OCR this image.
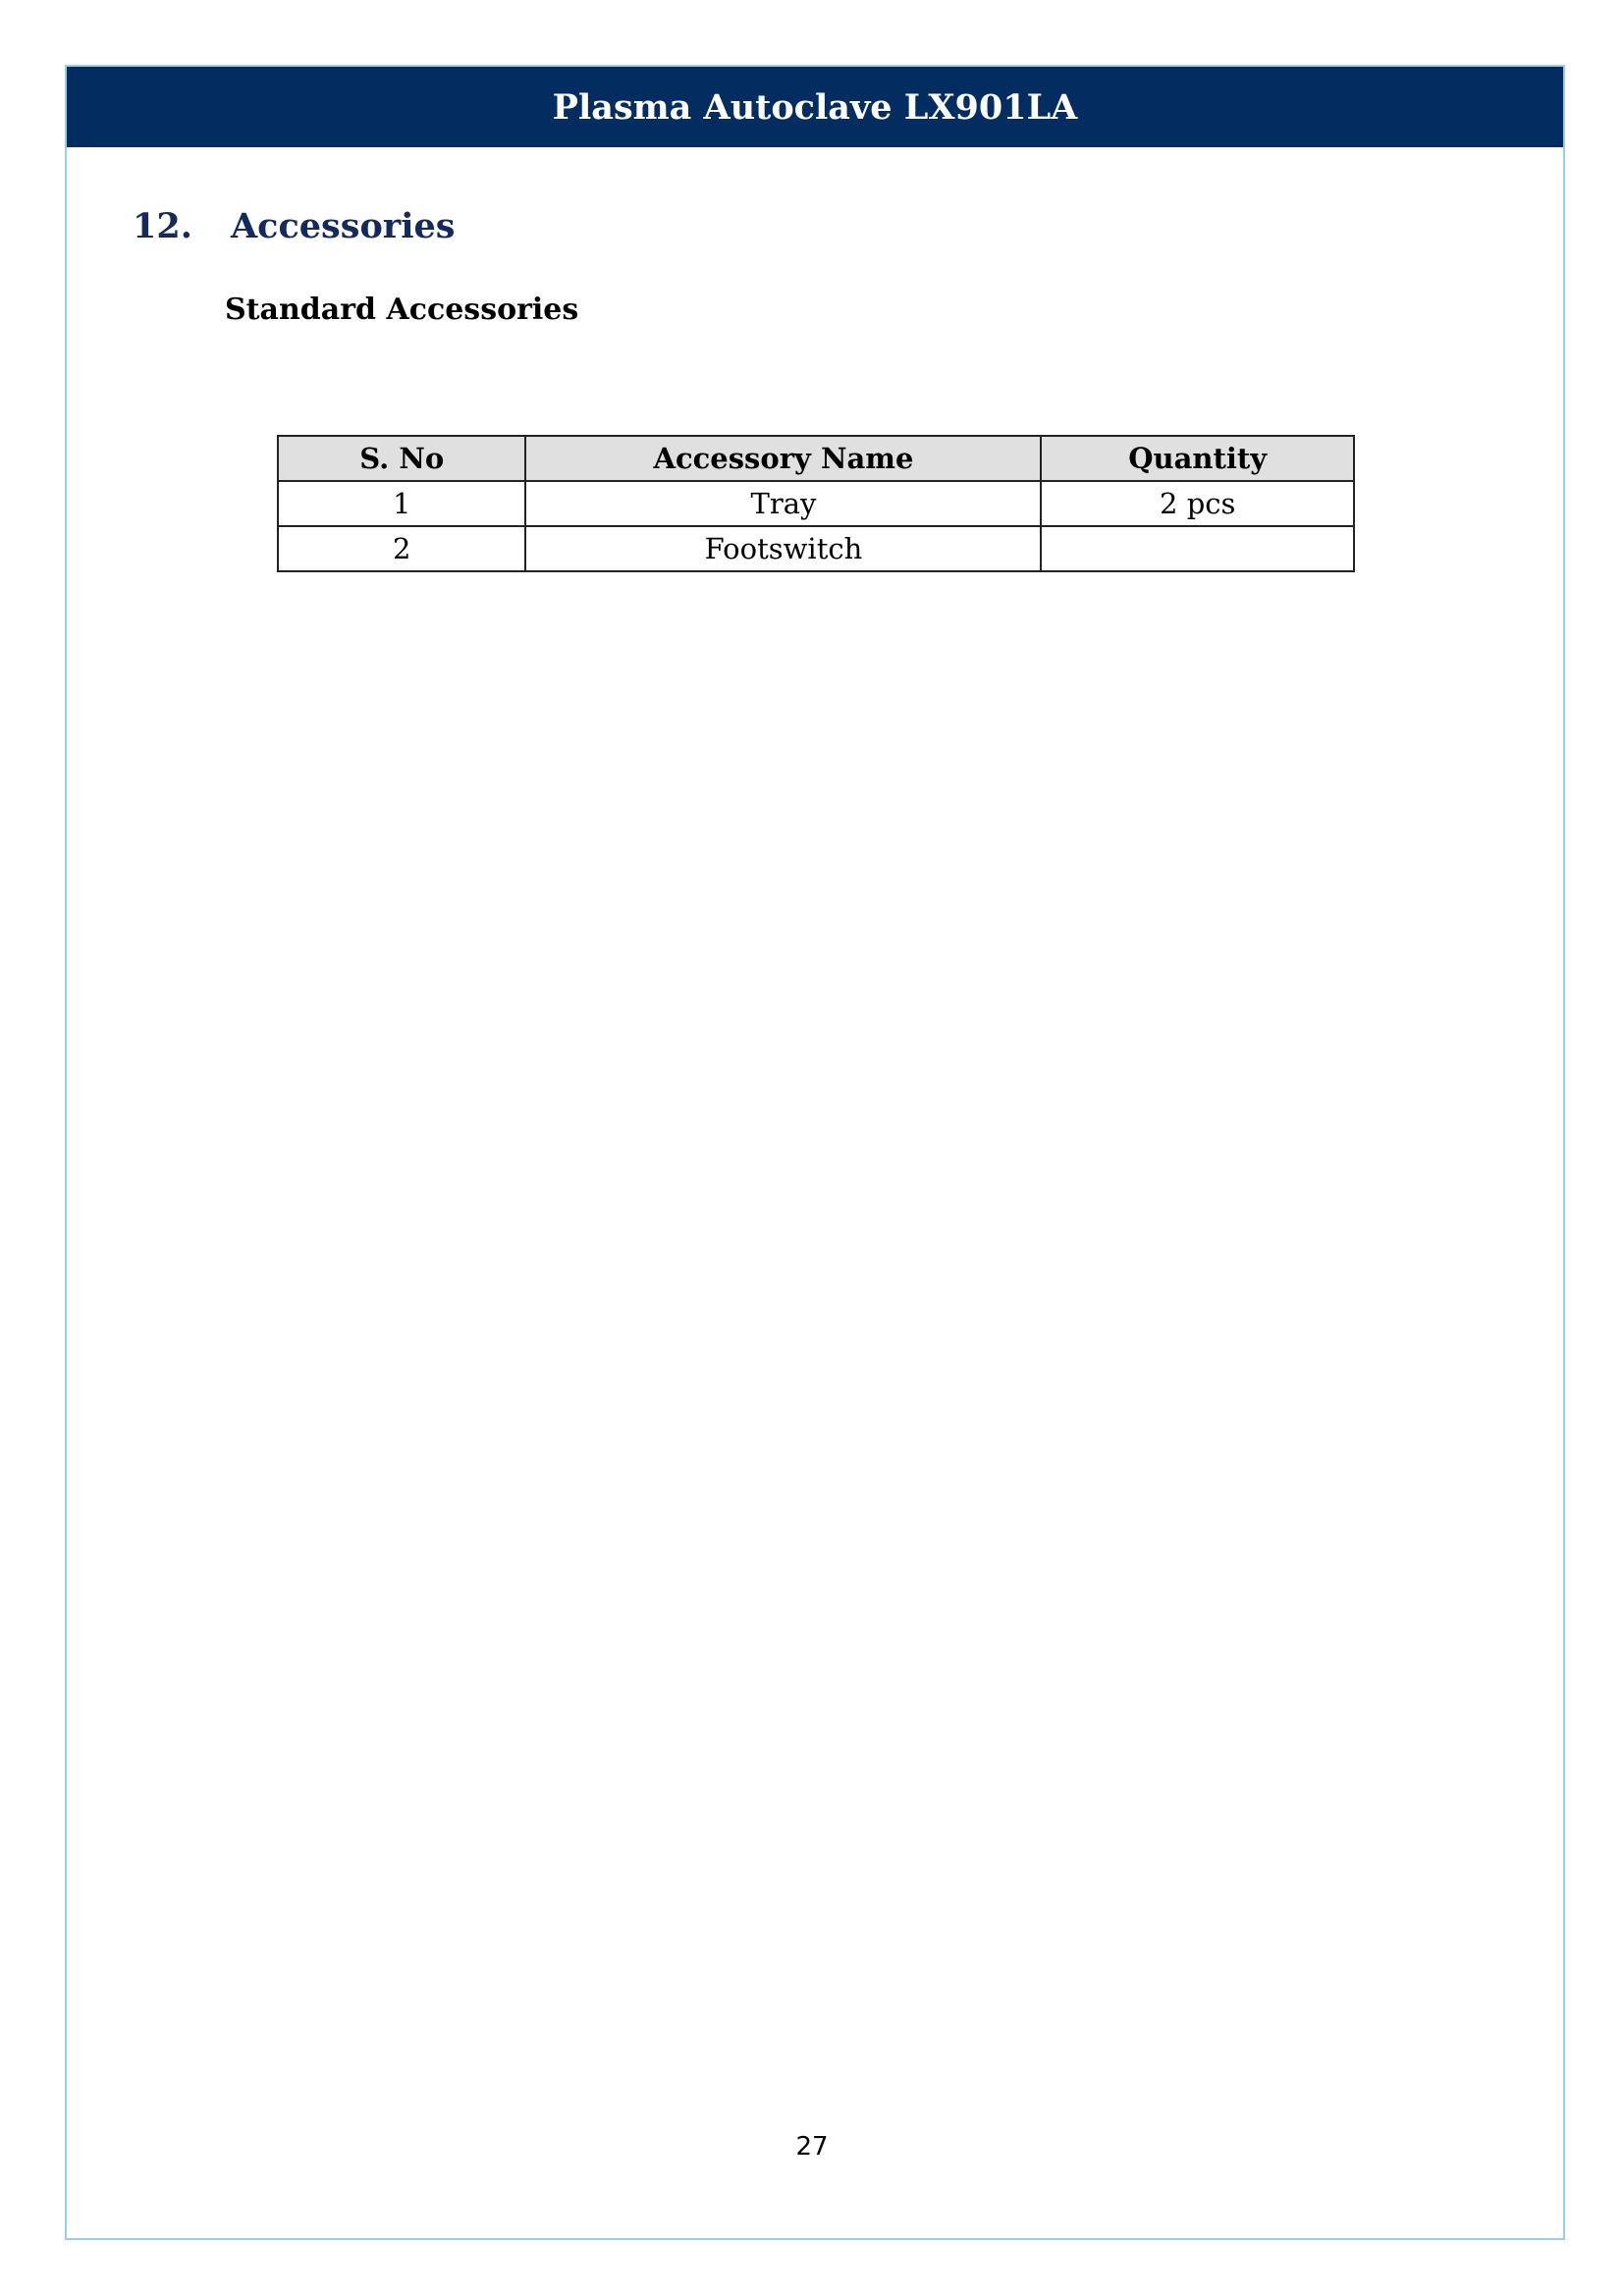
Plasma Autoclave LX901LA
12.	Accessories
Standard Accessories
S. No	Accessory Name	Quantity
1	Tray	2 pcs
2	Footswitch	
27
